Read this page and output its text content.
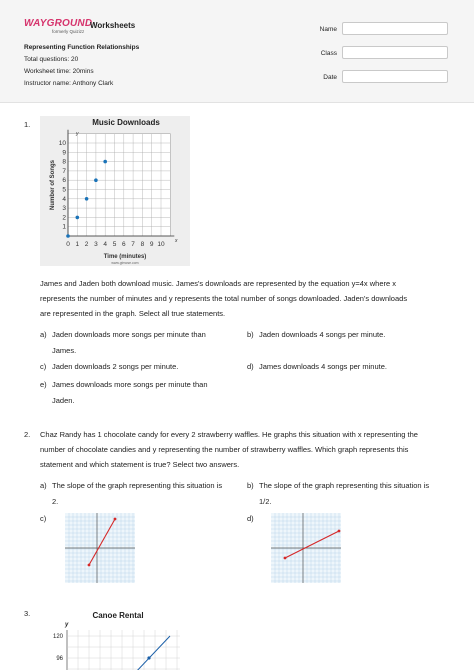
WAYGROUND
formerly Quizizz
Worksheets
Representing Function Relationships
Total questions: 20
Worksheet time: 20mins
Instructor name: Anthony Clark
Name
Class
Date
1.	Music Downloads
0 1 2 3 4 5 6 7 8 9 10
1
2
3
4
5
6
7
8
9
10
Number of Songs
Time (minutes)
www.gtmcse.com
x
y
James and Jaden both download music. James's downloads are represented by the equation y=4x where x
represents the number of minutes and y represents the total number of songs downloaded. Jaden's downloads
are represented in the graph. Select all true statements.
a) Jaden downloads more songs per minute than
James.
b) Jaden downloads 4 songs per minute.
c) Jaden downloads 2 songs per minute.	d) James downloads 4 songs per minute.
e) James downloads more songs per minute than
Jaden.
2. Chaz Randy has 1 chocolate candy for every 2 strawberry waffles. He graphs this situation with x representing the
number of chocolate candies and y representing the number of strawberry waffles. Which graph represents this
statement and which statement is true? Select two answers.
a) The slope of the graph representing this situation is
2.
b) The slope of the graph representing this situation is
1/2.
c)	d)
3.	Canoe Rental
y
120
96
